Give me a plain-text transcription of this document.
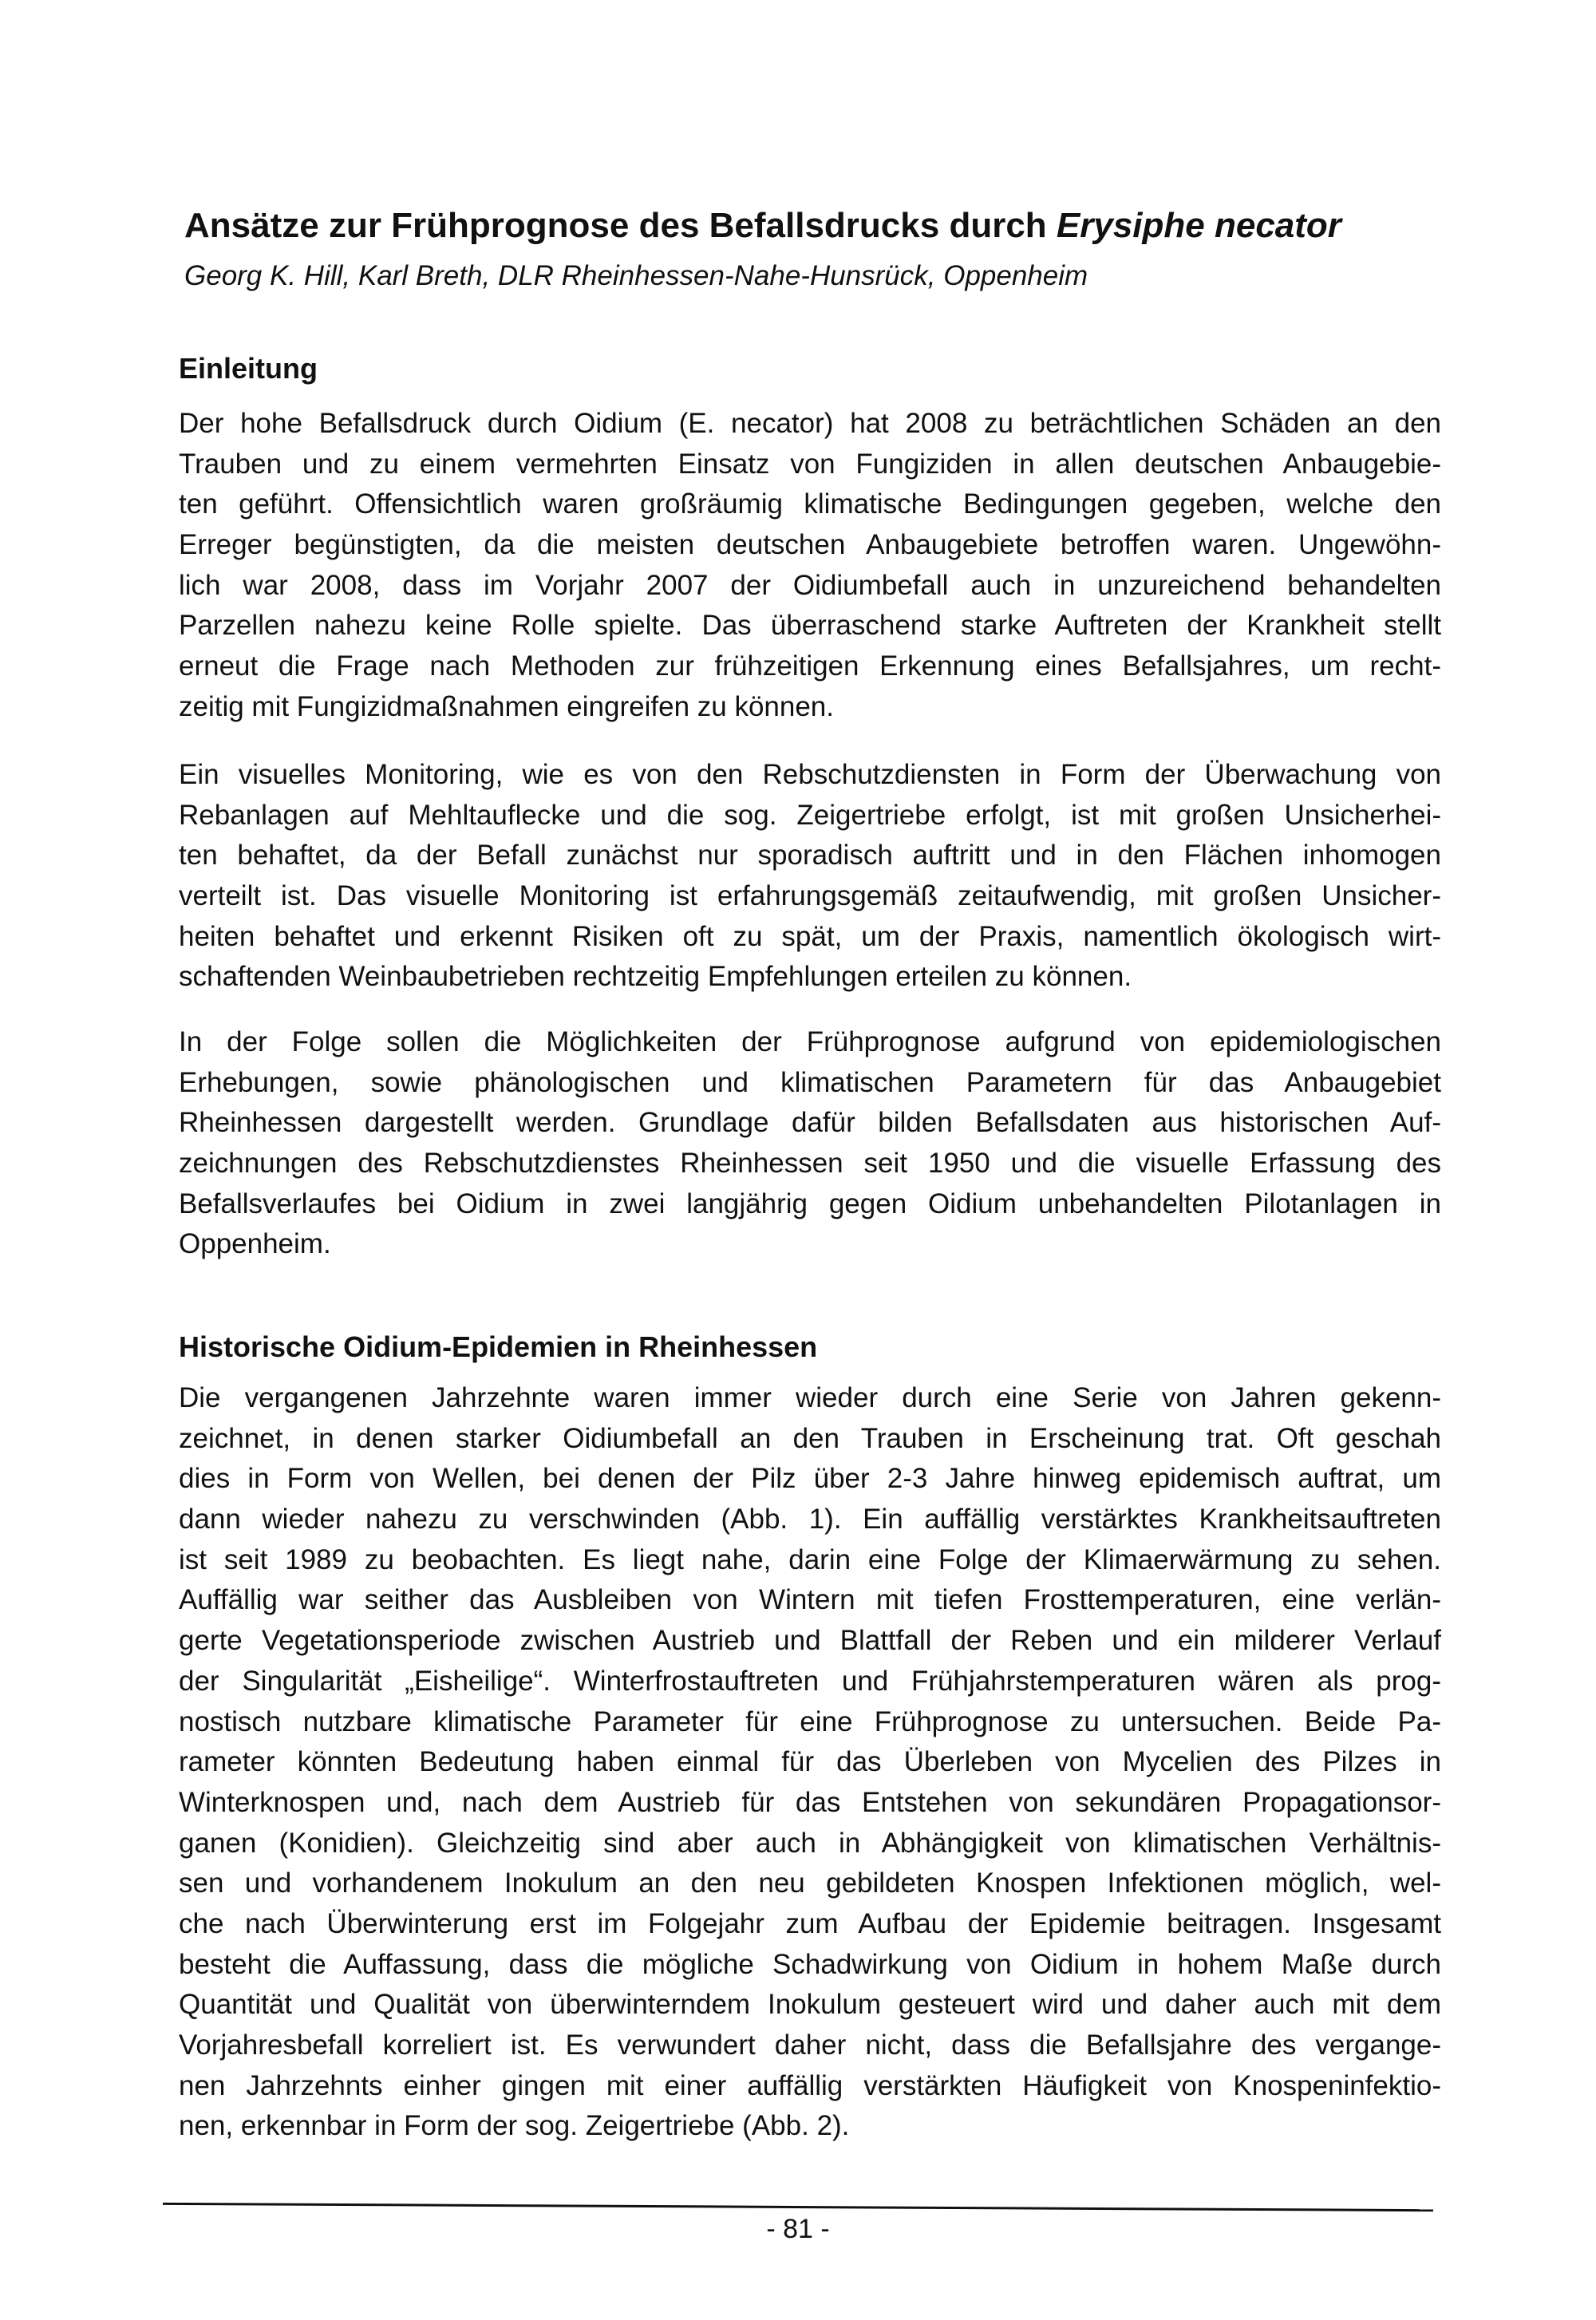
Ansätze zur Frühprognose des Befallsdrucks durch Erysiphe necator
Georg K. Hill, Karl Breth, DLR Rheinhessen-Nahe-Hunsrück, Oppenheim
Einleitung
Der hohe Befallsdruck durch Oidium (E. necator) hat 2008 zu beträchtlichen Schäden an den
Trauben und zu einem vermehrten Einsatz von Fungiziden in allen deutschen Anbaugebie-
ten geführt. Offensichtlich waren großräumig klimatische Bedingungen gegeben, welche den
Erreger begünstigten, da die meisten deutschen Anbaugebiete betroffen waren. Ungewöhn-
lich war 2008, dass im Vorjahr 2007 der Oidiumbefall auch in unzureichend behandelten
Parzellen nahezu keine Rolle spielte. Das überraschend starke Auftreten der Krankheit stellt
erneut die Frage nach Methoden zur frühzeitigen Erkennung eines Befallsjahres, um recht-
zeitig mit Fungizidmaßnahmen eingreifen zu können.
Ein visuelles Monitoring, wie es von den Rebschutzdiensten in Form der Überwachung von
Rebanlagen auf Mehltauflecke und die sog. Zeigertriebe erfolgt, ist mit großen Unsicherhei-
ten behaftet, da der Befall zunächst nur sporadisch auftritt und in den Flächen inhomogen
verteilt ist. Das visuelle Monitoring ist erfahrungsgemäß zeitaufwendig, mit großen Unsicher-
heiten behaftet und erkennt Risiken oft zu spät, um der Praxis, namentlich ökologisch wirt-
schaftenden Weinbaubetrieben rechtzeitig Empfehlungen erteilen zu können.
In der Folge sollen die Möglichkeiten der Frühprognose aufgrund von epidemiologischen
Erhebungen, sowie phänologischen und klimatischen Parametern für das Anbaugebiet
Rheinhessen dargestellt werden. Grundlage dafür bilden Befallsdaten aus historischen Auf-
zeichnungen des Rebschutzdienstes Rheinhessen seit 1950 und die visuelle Erfassung des
Befallsverlaufes bei Oidium in zwei langjährig gegen Oidium unbehandelten Pilotanlagen in
Oppenheim.
Historische Oidium-Epidemien in Rheinhessen
Die vergangenen Jahrzehnte waren immer wieder durch eine Serie von Jahren gekenn-
zeichnet, in denen starker Oidiumbefall an den Trauben in Erscheinung trat. Oft geschah
dies in Form von Wellen, bei denen der Pilz über 2-3 Jahre hinweg epidemisch auftrat, um
dann wieder nahezu zu verschwinden (Abb. 1). Ein auffällig verstärktes Krankheitsauftreten
ist seit 1989 zu beobachten. Es liegt nahe, darin eine Folge der Klimaerwärmung zu sehen.
Auffällig war seither das Ausbleiben von Wintern mit tiefen Frosttemperaturen, eine verlän-
gerte Vegetationsperiode zwischen Austrieb und Blattfall der Reben und ein milderer Verlauf
der Singularität „Eisheilige“. Winterfrostauftreten und Frühjahrstemperaturen wären als prog-
nostisch nutzbare klimatische Parameter für eine Frühprognose zu untersuchen. Beide Pa-
rameter könnten Bedeutung haben einmal für das Überleben von Mycelien des Pilzes in
Winterknospen und, nach dem Austrieb für das Entstehen von sekundären Propagationsor-
ganen (Konidien). Gleichzeitig sind aber auch in Abhängigkeit von klimatischen Verhältnis-
sen und vorhandenem Inokulum an den neu gebildeten Knospen Infektionen möglich, wel-
che nach Überwinterung erst im Folgejahr zum Aufbau der Epidemie beitragen. Insgesamt
besteht die Auffassung, dass die mögliche Schadwirkung von Oidium in hohem Maße durch
Quantität und Qualität von überwinterndem Inokulum gesteuert wird und daher auch mit dem
Vorjahresbefall korreliert ist. Es verwundert daher nicht, dass die Befallsjahre des vergange-
nen Jahrzehnts einher gingen mit einer auffällig verstärkten Häufigkeit von Knospeninfektio-
nen, erkennbar in Form der sog. Zeigertriebe (Abb. 2).
- 81 -
